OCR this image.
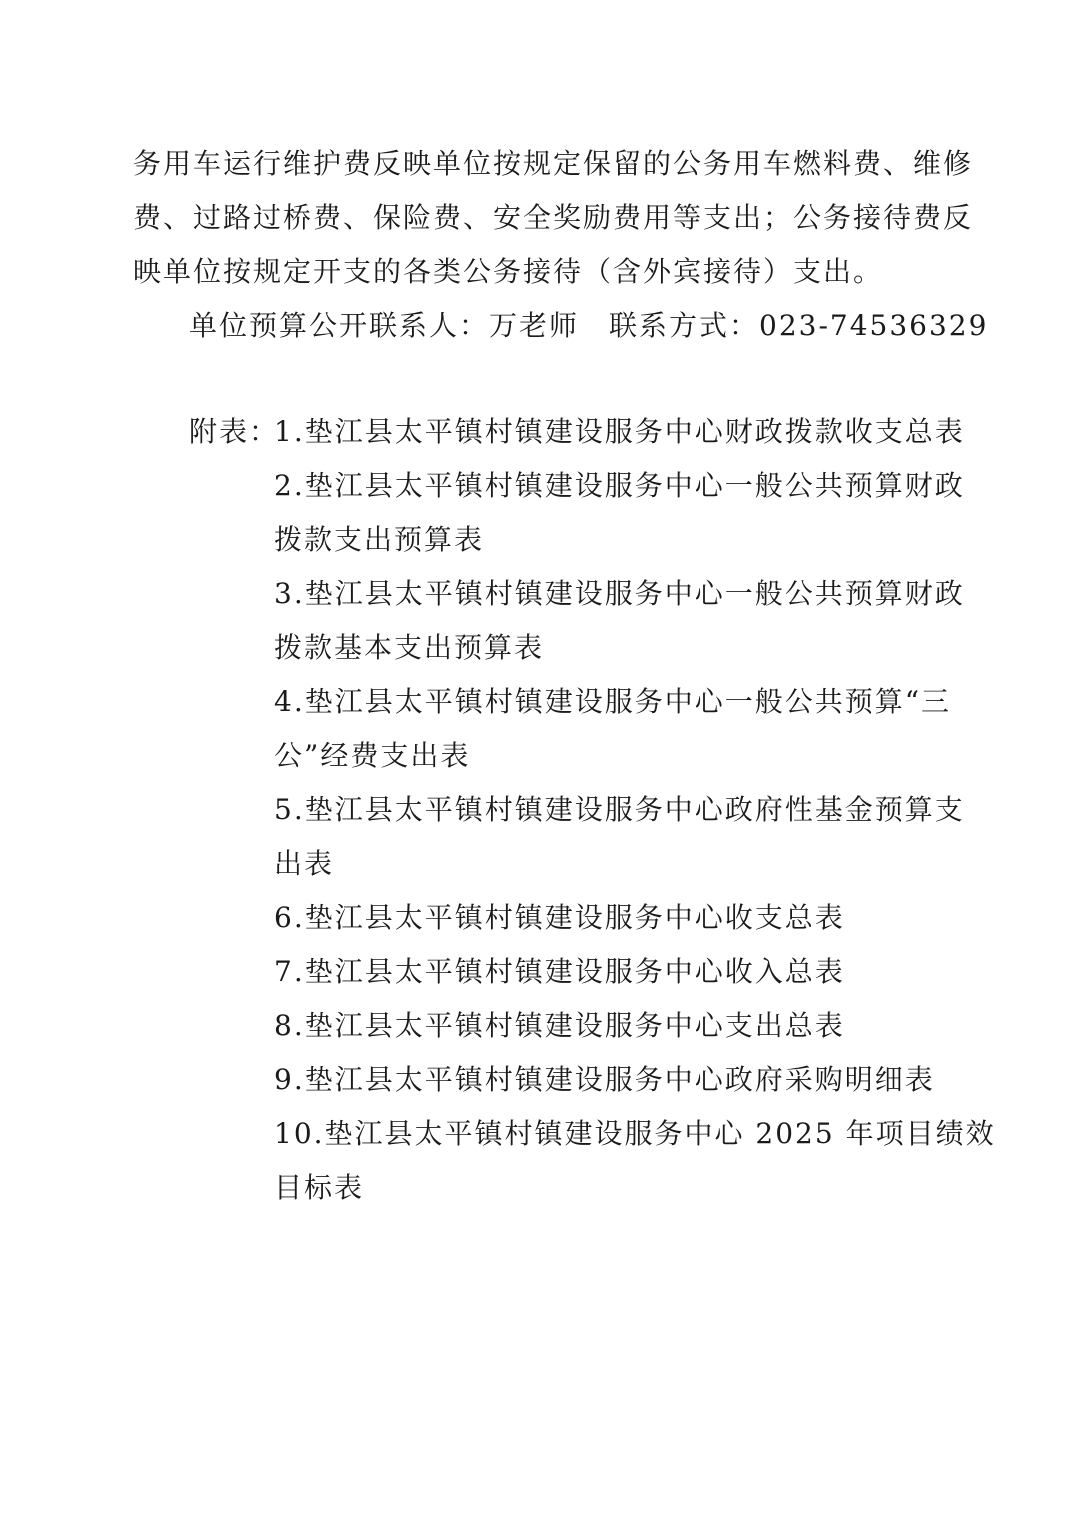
务用车运行维护费反映单位按规定保留的公务用车燃料费、维修
费、过路过桥费、保险费、安全奖励费用等支出；公务接待费反
映单位按规定开支的各类公务接待（含外宾接待）支出。
单位预算公开联系人：万老师　联系方式：023-74536329
附表：
1.垫江县太平镇村镇建设服务中心财政拨款收支总表
2.垫江县太平镇村镇建设服务中心一般公共预算财政
拨款支出预算表
3.垫江县太平镇村镇建设服务中心一般公共预算财政
拨款基本支出预算表
4.垫江县太平镇村镇建设服务中心一般公共预算“三
公”经费支出表
5.垫江县太平镇村镇建设服务中心政府性基金预算支
出表
6.垫江县太平镇村镇建设服务中心收支总表
7.垫江县太平镇村镇建设服务中心收入总表
8.垫江县太平镇村镇建设服务中心支出总表
9.垫江县太平镇村镇建设服务中心政府采购明细表
10.垫江县太平镇村镇建设服务中心 2025 年项目绩效
目标表
